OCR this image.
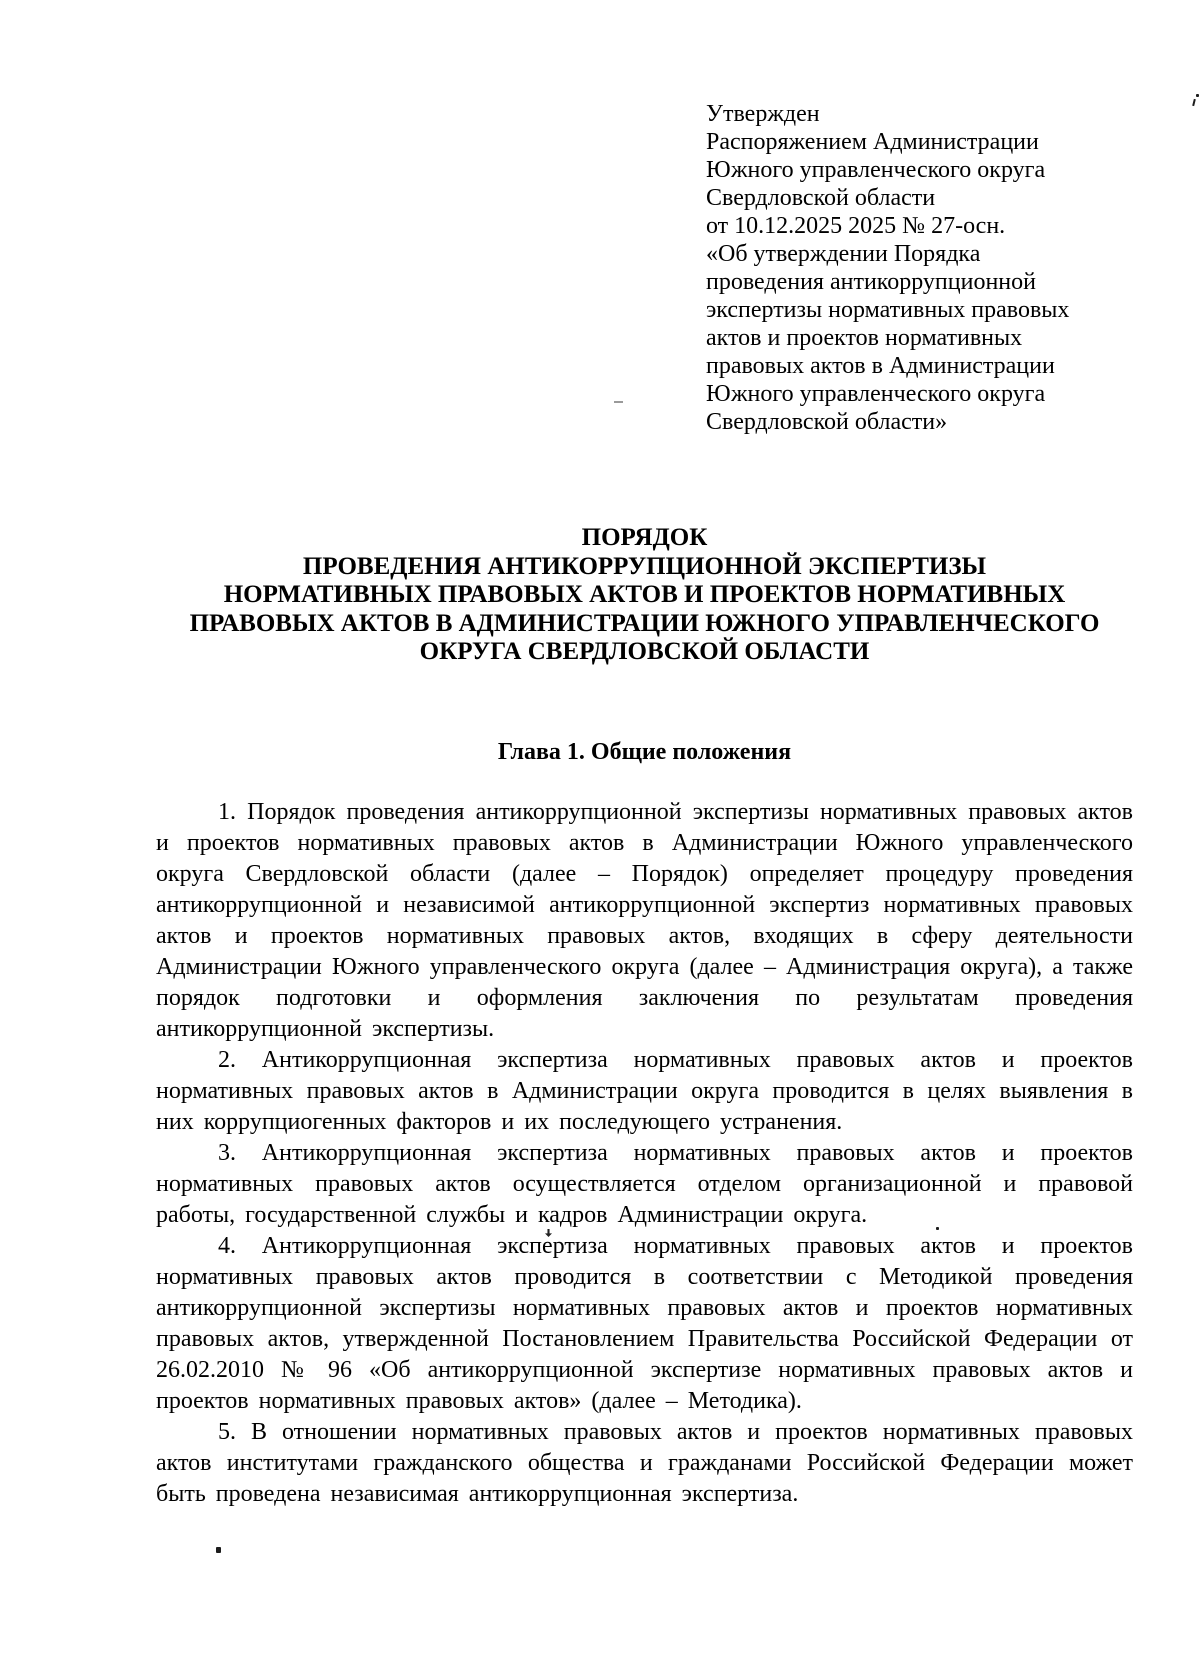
Утвержден
Распоряжением Администрации
Южного управленческого округа
Свердловской области
от 10.12.2025 2025 № 27-осн.
«Об утверждении Порядка
проведения антикоррупционной
экспертизы нормативных правовых
актов и проектов нормативных
правовых актов в Администрации
Южного управленческого округа
Свердловской области»
ПОРЯДОК
ПРОВЕДЕНИЯ АНТИКОРРУПЦИОННОЙ ЭКСПЕРТИЗЫ
НОРМАТИВНЫХ ПРАВОВЫХ АКТОВ И ПРОЕКТОВ НОРМАТИВНЫХ
ПРАВОВЫХ АКТОВ В АДМИНИСТРАЦИИ ЮЖНОГО УПРАВЛЕНЧЕСКОГО
ОКРУГА СВЕРДЛОВСКОЙ ОБЛАСТИ
Глава 1. Общие положения

1. Порядок проведения антикоррупционной экспертизы нормативных правовых актов и проектов нормативных правовых актов в Администрации Южного управленческого округа Свердловской области (далее – Порядок) определяет процедуру проведения антикоррупционной и независимой антикоррупционной экспертиз нормативных правовых актов и проектов нормативных правовых актов, входящих в сферу деятельности Администрации Южного управленческого округа (далее – Администрация округа), а также порядок подготовки и оформления заключения по результатам проведения антикоррупционной экспертизы.

2. Антикоррупционная экспертиза нормативных правовых актов и проектов нормативных правовых актов в Администрации округа проводится в целях выявления в них коррупциогенных факторов и их последующего устранения.

3. Антикоррупционная экспертиза нормативных правовых актов и проектов нормативных правовых актов осуществляется отделом организационной и правовой работы, государственной службы и кадров Администрации округа.

4. Антикоррупционная экспертиза нормативных правовых актов и проектов нормативных правовых актов проводится в соответствии с Методикой проведения антикоррупционной экспертизы нормативных правовых актов и проектов нормативных правовых актов, утвержденной Постановлением Правительства Российской Федерации от 26.02.2010 № 96 «Об антикоррупционной экспертизе нормативных правовых актов и проектов нормативных правовых актов» (далее – Методика).

5. В отношении нормативных правовых актов и проектов нормативных правовых актов институтами гражданского общества и гражданами Российской Федерации может быть проведена независимая антикоррупционная экспертиза.
